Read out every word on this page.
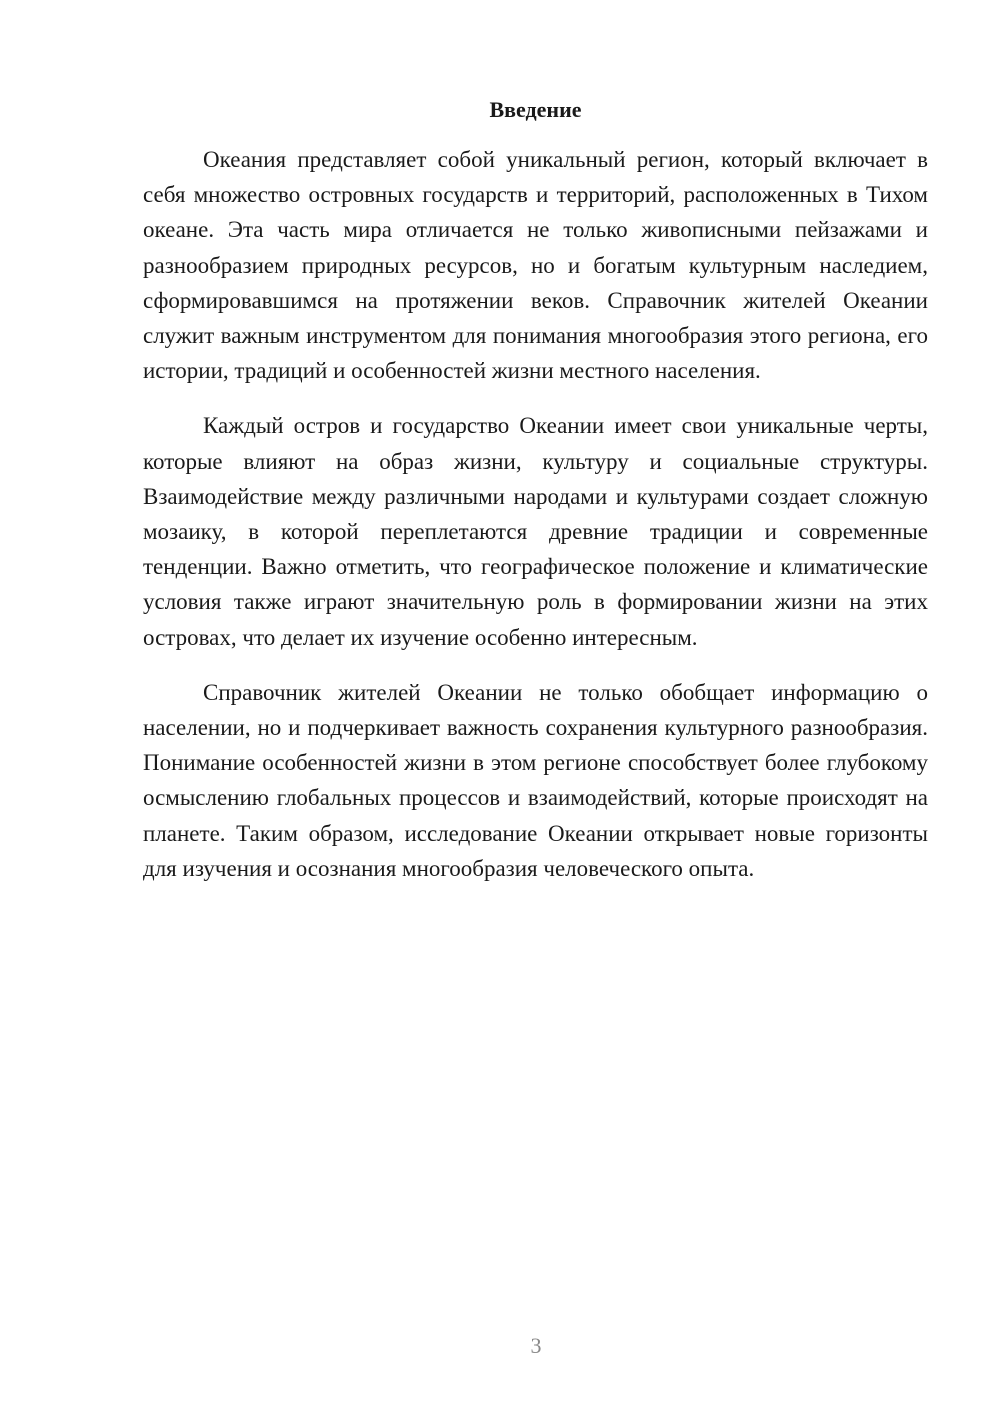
Введение

Океания представляет собой уникальный регион, который включает в себя множество островных государств и территорий, расположенных в Тихом океане. Эта часть мира отличается не только живописными пейзажами и разнообразием природных ресурсов, но и богатым культурным наследием, сформировавшимся на протяжении веков. Справочник жителей Океании служит важным инструментом для понимания многообразия этого региона, его истории, традиций и особенностей жизни местного населения.

Каждый остров и государство Океании имеет свои уникальные черты, которые влияют на образ жизни, культуру и социальные структуры. Взаимодействие между различными народами и культурами создает сложную мозаику, в которой переплетаются древние традиции и современные тенденции. Важно отметить, что географическое положение и климатические условия также играют значительную роль в формировании жизни на этих островах, что делает их изучение особенно интересным.

Справочник жителей Океании не только обобщает информацию о населении, но и подчеркивает важность сохранения культурного разнообразия. Понимание особенностей жизни в этом регионе способствует более глубокому осмыслению глобальных процессов и взаимодействий, которые происходят на планете. Таким образом, исследование Океании открывает новые горизонты для изучения и осознания многообразия человеческого опыта.

3
